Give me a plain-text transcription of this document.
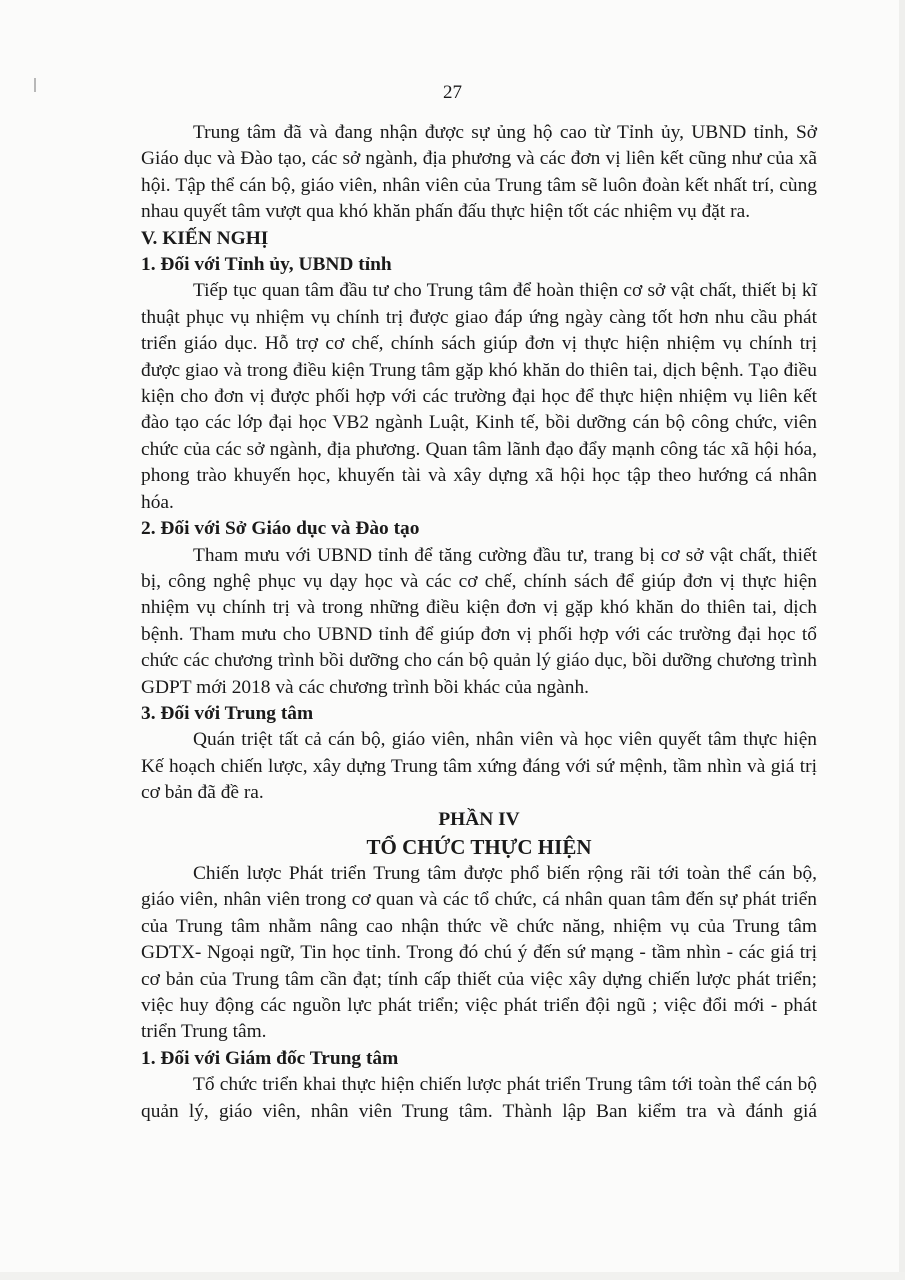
27

Trung tâm đã và đang nhận được sự ủng hộ cao từ Tỉnh ủy, UBND tỉnh, Sở Giáo dục và Đào tạo, các sở ngành, địa phương và các đơn vị liên kết cũng như của xã hội. Tập thể cán bộ, giáo viên, nhân viên của Trung tâm sẽ luôn đoàn kết nhất trí, cùng nhau quyết tâm vượt qua khó khăn phấn đấu thực hiện tốt các nhiệm vụ đặt ra.

V. KIẾN NGHỊ
1. Đối với Tỉnh ủy, UBND tỉnh

Tiếp tục quan tâm đầu tư cho Trung tâm để hoàn thiện cơ sở vật chất, thiết bị kĩ thuật phục vụ nhiệm vụ chính trị được giao đáp ứng ngày càng tốt hơn nhu cầu phát triển giáo dục. Hỗ trợ cơ chế, chính sách giúp đơn vị thực hiện nhiệm vụ chính trị được giao và trong điều kiện Trung tâm gặp khó khăn do thiên tai, dịch bệnh. Tạo điều kiện cho đơn vị được phối hợp với các trường đại học để thực hiện nhiệm vụ liên kết đào tạo các lớp đại học VB2 ngành Luật, Kinh tế, bồi dưỡng cán bộ công chức, viên chức của các sở ngành, địa phương. Quan tâm lãnh đạo đẩy mạnh công tác xã hội hóa, phong trào khuyến học, khuyến tài và xây dựng xã hội học tập theo hướng cá nhân hóa.

2. Đối với Sở Giáo dục và Đào tạo

Tham mưu với UBND tỉnh để tăng cường đầu tư, trang bị cơ sở vật chất, thiết bị, công nghệ phục vụ dạy học và các cơ chế, chính sách để giúp đơn vị thực hiện nhiệm vụ chính trị và trong những điều kiện đơn vị gặp khó khăn do thiên tai, dịch bệnh. Tham mưu cho UBND tỉnh để giúp đơn vị phối hợp với các trường đại học tổ chức các chương trình bồi dưỡng cho cán bộ quản lý giáo dục, bồi dưỡng chương trình GDPT mới 2018 và các chương trình bồi khác của ngành.

3. Đối với Trung tâm

Quán triệt tất cả cán bộ, giáo viên, nhân viên và học viên quyết tâm thực hiện Kế hoạch chiến lược, xây dựng Trung tâm xứng đáng với sứ mệnh, tầm nhìn và giá trị cơ bản đã đề ra.

PHẦN IV
TỔ CHỨC THỰC HIỆN

Chiến lược Phát triển Trung tâm được phổ biến rộng rãi tới toàn thể cán bộ, giáo viên, nhân viên trong cơ quan và các tổ chức, cá nhân quan tâm đến sự phát triển của Trung tâm nhằm nâng cao nhận thức về chức năng, nhiệm vụ của Trung tâm GDTX- Ngoại ngữ, Tin học tỉnh. Trong đó chú ý đến sứ mạng - tầm nhìn - các giá trị cơ bản của Trung tâm cần đạt; tính cấp thiết của việc xây dựng chiến lược phát triển; việc huy động các nguồn lực phát triển; việc phát triển đội ngũ ; việc đổi mới - phát triển Trung tâm.

1. Đối với Giám đốc Trung tâm

Tổ chức triển khai thực hiện chiến lược phát triển Trung tâm tới toàn thể cán bộ quản lý, giáo viên, nhân viên Trung tâm. Thành lập Ban kiểm tra và đánh giá
